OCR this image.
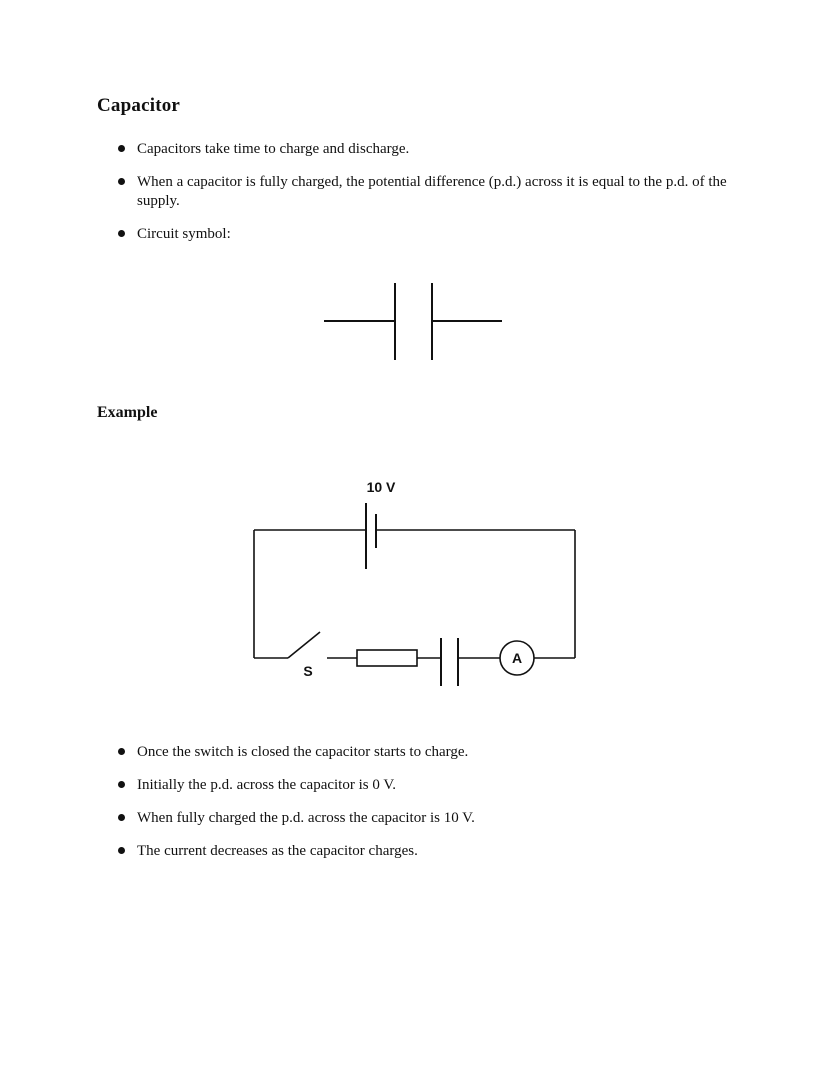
Capacitor
Capacitors take time to charge and discharge.
When a capacitor is fully charged, the potential difference (p.d.) across it is equal to the p.d. of the supply.
Circuit symbol:
Example
10 V
S
A
Once the switch is closed the capacitor starts to charge.
Initially the p.d. across the capacitor is 0 V.
When fully charged the p.d. across the capacitor is 10 V.
The current decreases as the capacitor charges.
